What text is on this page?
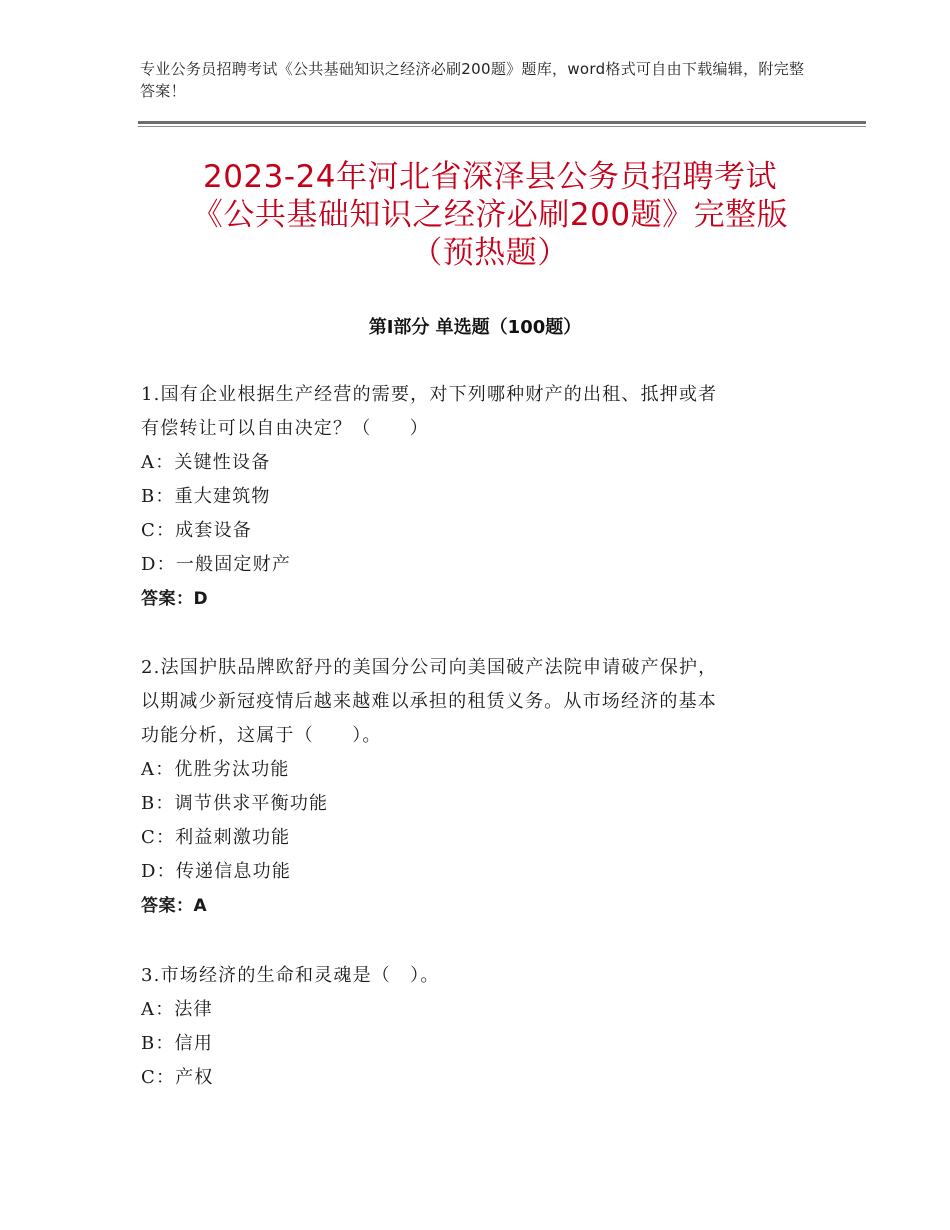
专业公务员招聘考试《公共基础知识之经济必刷200题》题库，word格式可自由下载编辑，附完整答案！
2023-24年河北省深泽县公务员招聘考试
《公共基础知识之经济必刷200题》完整版
（预热题）
第Ⅰ部分 单选题（100题）

1.国有企业根据生产经营的需要，对下列哪种财产的出租、抵押或者

有偿转让可以自由决定？（　　）

A：关键性设备

B：重大建筑物

C：成套设备

D：一般固定财产

答案：D

2.法国护肤品牌欧舒丹的美国分公司向美国破产法院申请破产保护，

以期减少新冠疫情后越来越难以承担的租赁义务。从市场经济的基本

功能分析，这属于（　　）。

A：优胜劣汰功能

B：调节供求平衡功能

C：利益刺激功能

D：传递信息功能

答案：A

3.市场经济的生命和灵魂是（　）。

A：法律

B：信用

C：产权
